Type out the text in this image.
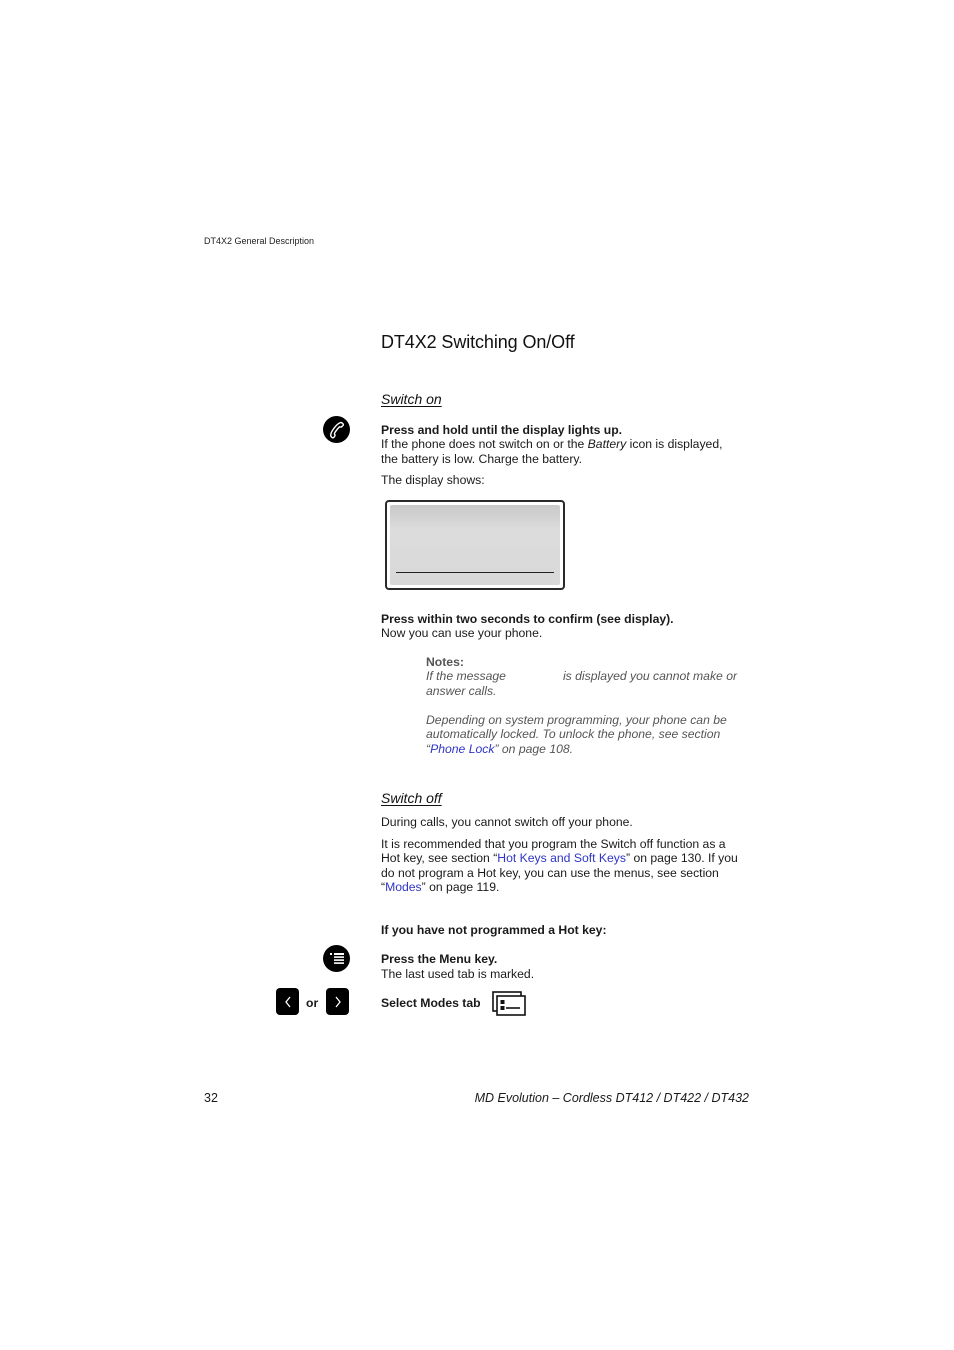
DT4X2 General Description
DT4X2 Switching On/Off
Switch on
Press and hold until the display lights up.
If the phone does not switch on or the Battery icon is displayed,
the battery is low. Charge the battery.
The display shows:
Press within two seconds to confirm (see display).
Now you can use your phone.
Notes:
If the message	is displayed you cannot make or
answer calls.
Depending on system programming, your phone can be
automatically locked. To unlock the phone, see section
“Phone Lock” on page 108.
Switch off
During calls, you cannot switch off your phone.
It is recommended that you program the Switch off function as a
Hot key, see section “Hot Keys and Soft Keys” on page 130. If you
do not program a Hot key, you can use the menus, see section
“Modes” on page 119.
If you have not programmed a Hot key:
Press the Menu key.
The last used tab is marked.
or	Select Modes tab
32	MD Evolution – Cordless DT412 / DT422 / DT432
